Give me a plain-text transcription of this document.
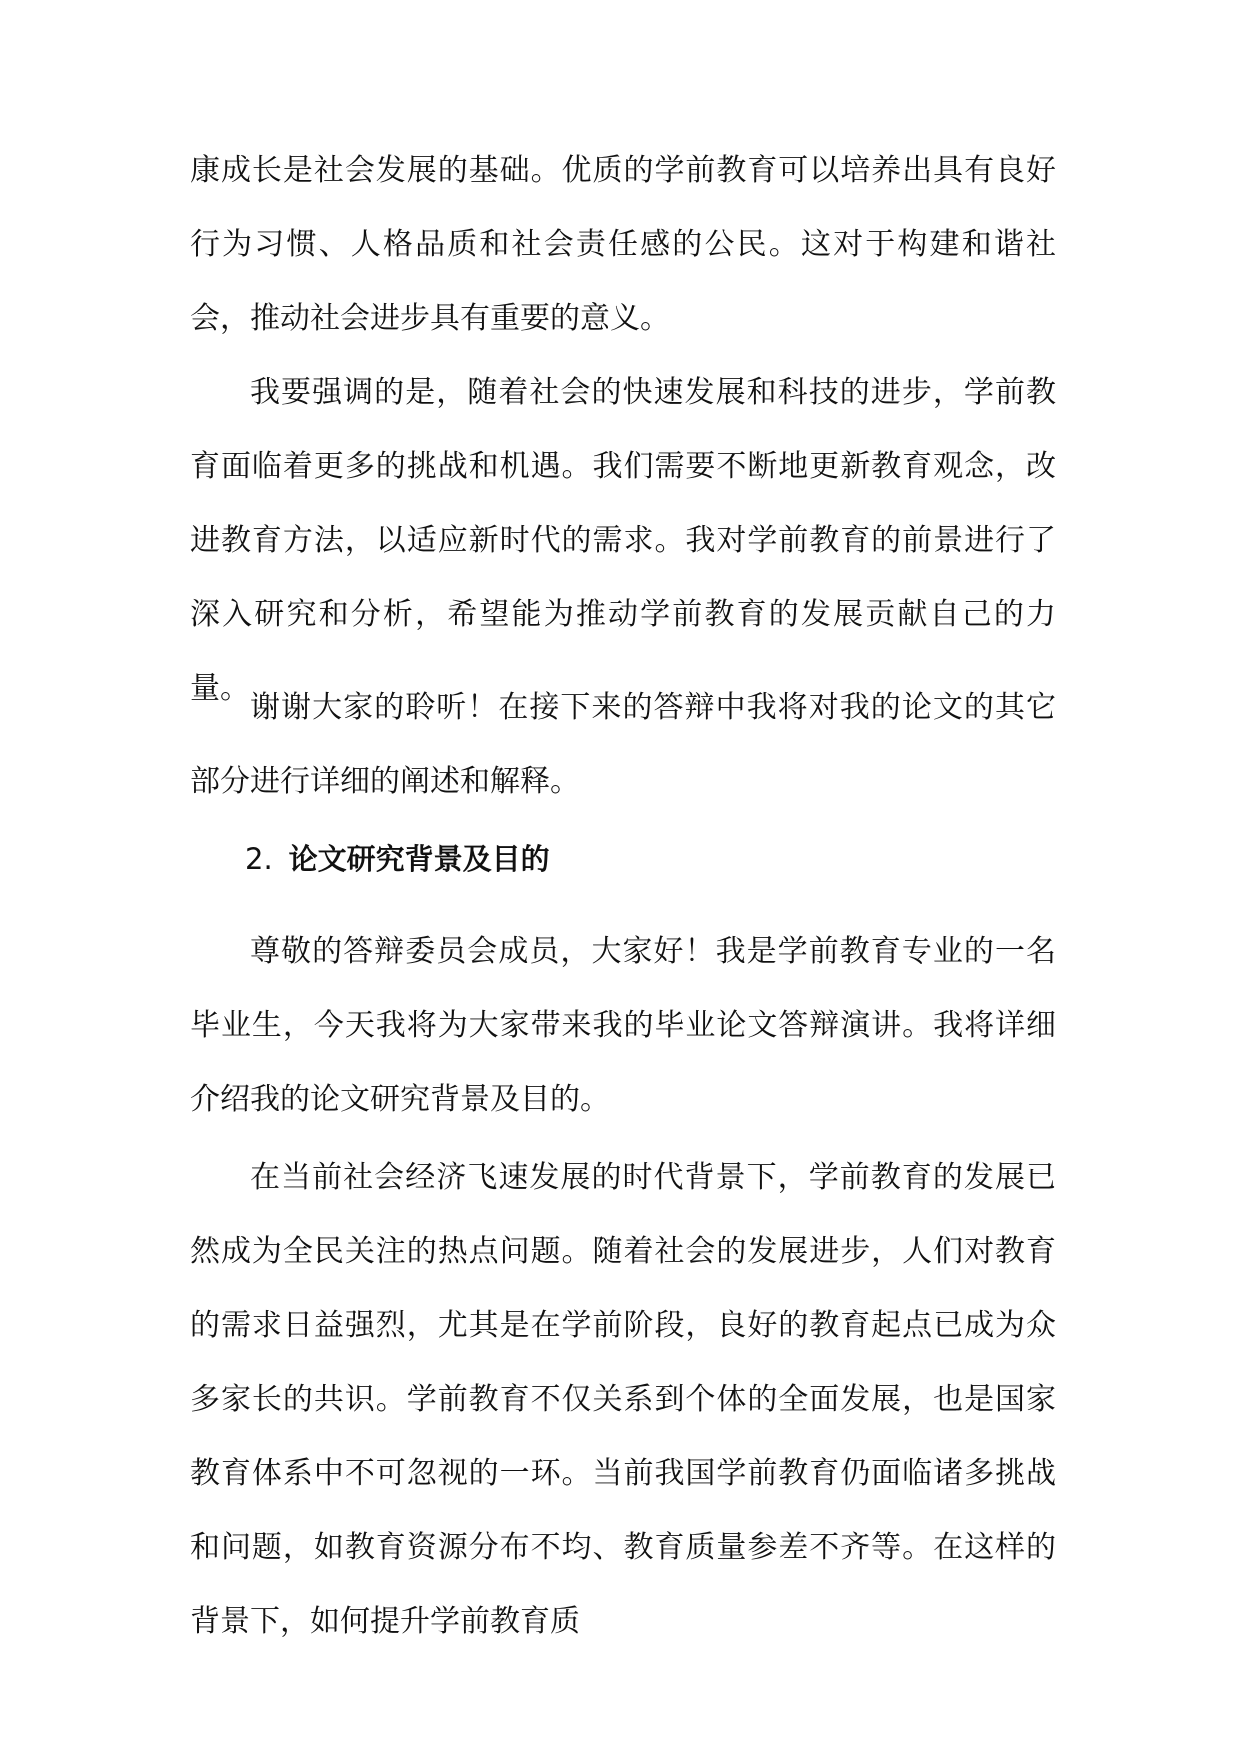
康成长是社会发展的基础。优质的学前教育可以培养出具有良好行为习惯、人格品质和社会责任感的公民。这对于构建和谐社会，推动社会进步具有重要的意义。

我要强调的是，随着社会的快速发展和科技的进步，学前教育面临着更多的挑战和机遇。我们需要不断地更新教育观念，改进教育方法，以适应新时代的需求。我对学前教育的前景进行了深入研究和分析，希望能为推动学前教育的发展贡献自己的力量。

谢谢大家的聆听！在接下来的答辩中我将对我的论文的其它部分进行详细的阐述和解释。

2. 论文研究背景及目的

尊敬的答辩委员会成员，大家好！我是学前教育专业的一名毕业生，今天我将为大家带来我的毕业论文答辩演讲。我将详细介绍我的论文研究背景及目的。

在当前社会经济飞速发展的时代背景下，学前教育的发展已然成为全民关注的热点问题。随着社会的发展进步，人们对教育的需求日益强烈，尤其是在学前阶段，良好的教育起点已成为众多家长的共识。学前教育不仅关系到个体的全面发展，也是国家教育体系中不可忽视的一环。当前我国学前教育仍面临诸多挑战和问题，如教育资源分布不均、教育质量参差不齐等。在这样的背景下，如何提升学前教育质
